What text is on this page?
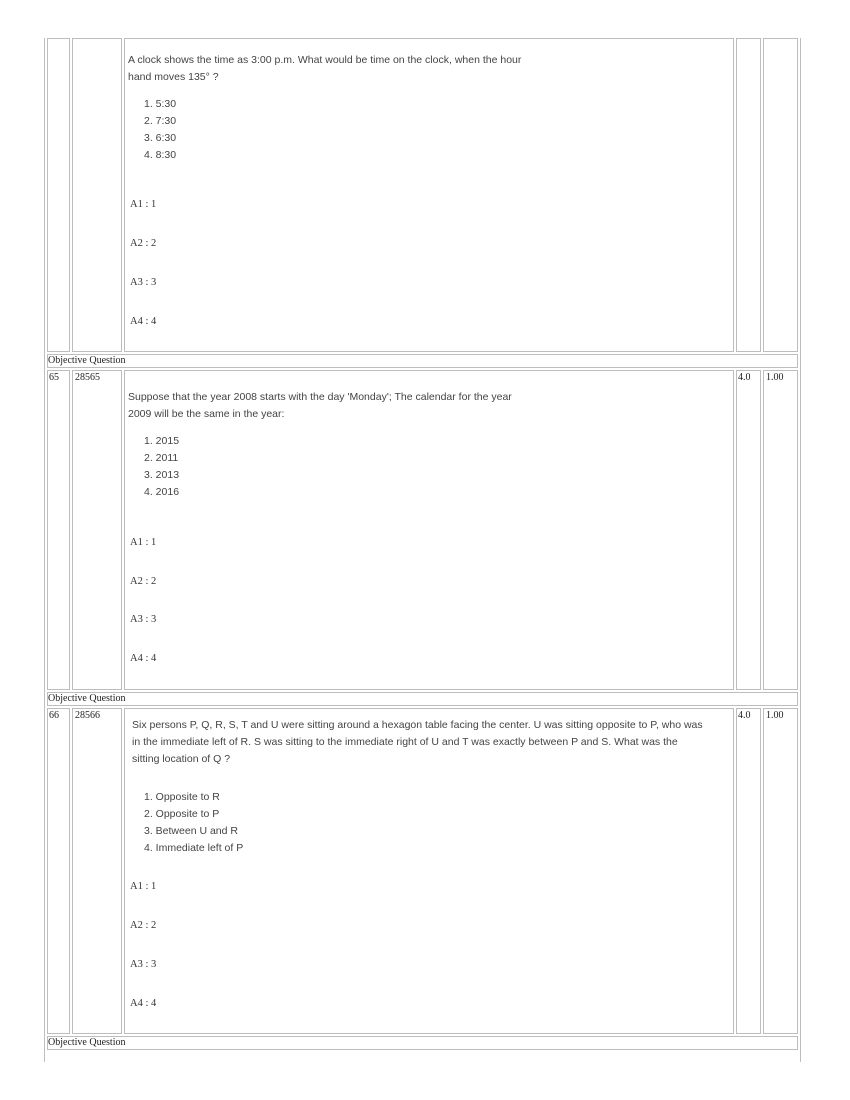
A clock shows the time as 3:00 p.m. What would be time on the clock, when the hour
hand moves 135° ?
1. 5:30
2. 7:30
3. 6:30
4. 8:30
A1 : 1
A2 : 2
A3 : 3
A4 : 4
Objective Question
65 28565	4.0 1.00
Suppose that the year 2008 starts with the day 'Monday'; The calendar for the year
2009 will be the same in the year:
1. 2015
2. 2011
3. 2013
4. 2016
A1 : 1
A2 : 2
A3 : 3
A4 : 4
Objective Question
66 28566	4.0 1.00
Six persons P, Q, R, S, T and U were sitting around a hexagon table facing the center. U was sitting opposite to P, who was
in the immediate left of R. S was sitting to the immediate right of U and T was exactly between P and S. What was the
sitting location of Q ?
1. Opposite to R
2. Opposite to P
3. Between U and R
4. Immediate left of P
A1 : 1
A2 : 2
A3 : 3
A4 : 4
Objective Question
